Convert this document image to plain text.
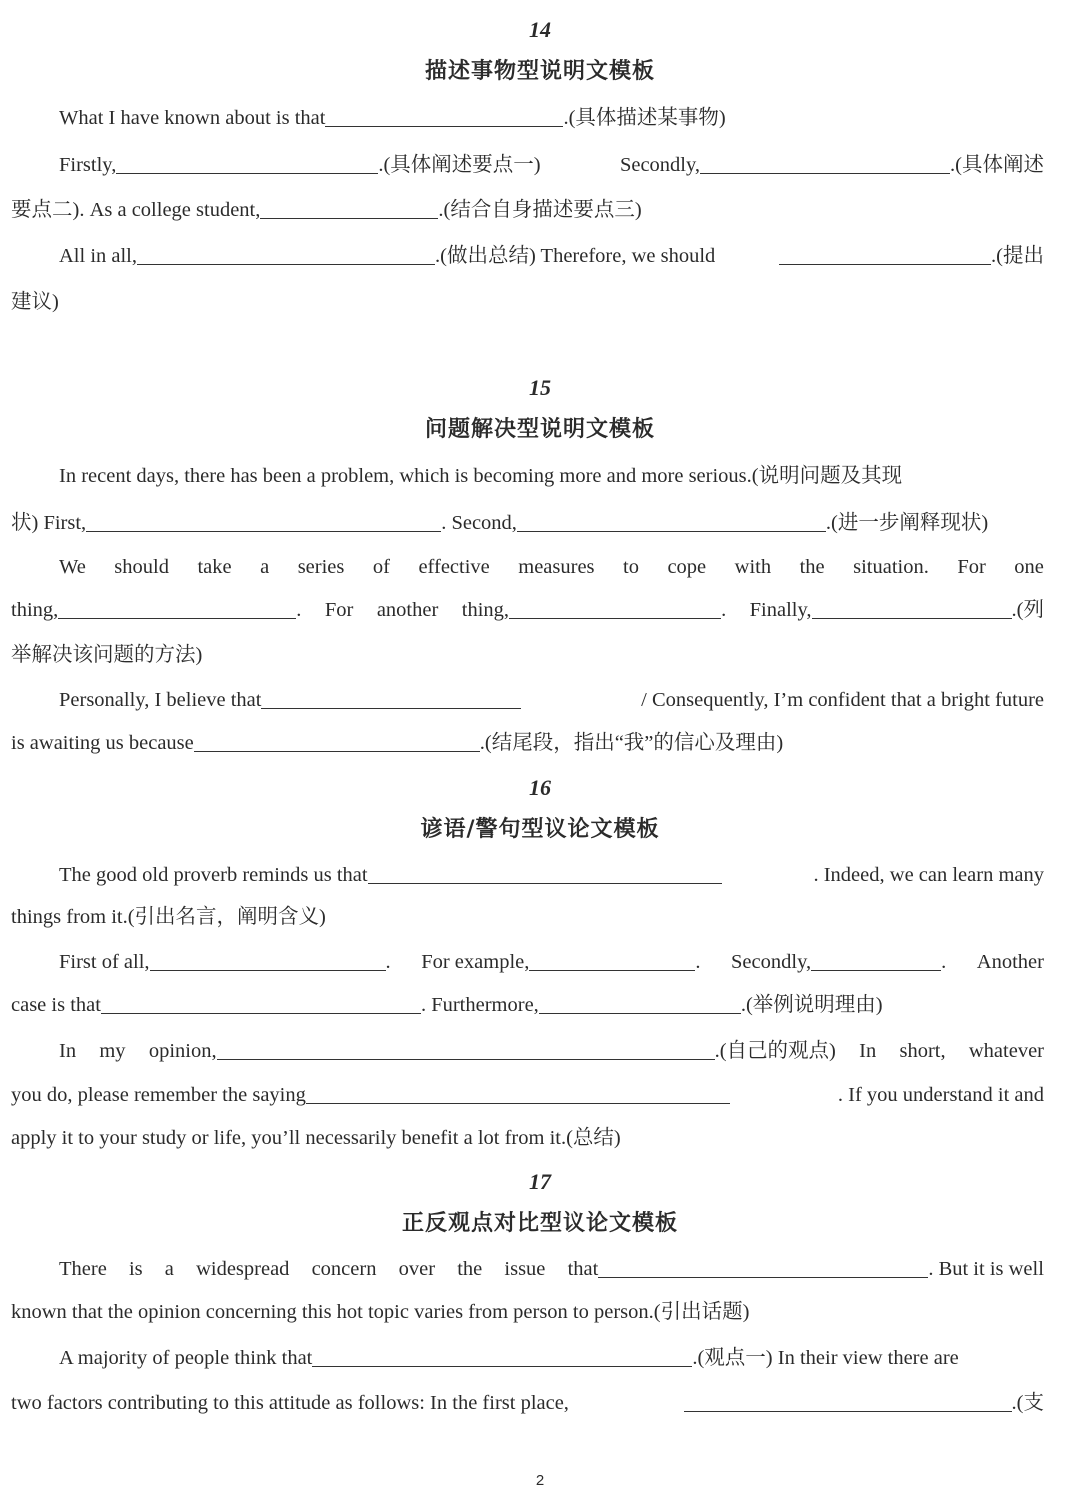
14
描述事物型说明文模板
What I have known about is that	.(具体描述某事物)
Firstly,	.(具体阐述要点一)	Secondly,	.(具体阐述
要点二). As a college student,	.(结合自身描述要点三)
All in all,	.(做出总结) Therefore, we should	.(提出
建议)
15
问题解决型说明文模板
In recent days, there has been a problem, which is becoming more and more serious.(说明问题及其现
状) First,	. Second,	.(进一步阐释现状)
We should take a series of effective measures to cope with the situation. For one
thing,	. For another thing,	. Finally,	.(列
举解决该问题的方法)
Personally, I believe that	/ Consequently, I’m confident that a bright future
is awaiting us because	.(结尾段，指出“我”的信心及理由)
16
谚语/警句型议论文模板
The good old proverb reminds us that	. Indeed, we can learn many
things from it.(引出名言，阐明含义)
First of all,	. For example,	. Secondly,	. Another
case is that	. Furthermore,	.(举例说明理由)
In my opinion,	.(自己的观点) In short, whatever
you do, please remember the saying	. If you understand it and
apply it to your study or life, you’ll necessarily benefit a lot from it.(总结)
17
正反观点对比型议论文模板
There is a widespread concern over the issue that	. But it is well
known that the opinion concerning this hot topic varies from person to person.(引出话题)
A majority of people think that	.(观点一) In their view there are
two factors contributing to this attitude as follows: In the first place,	.(支
2
